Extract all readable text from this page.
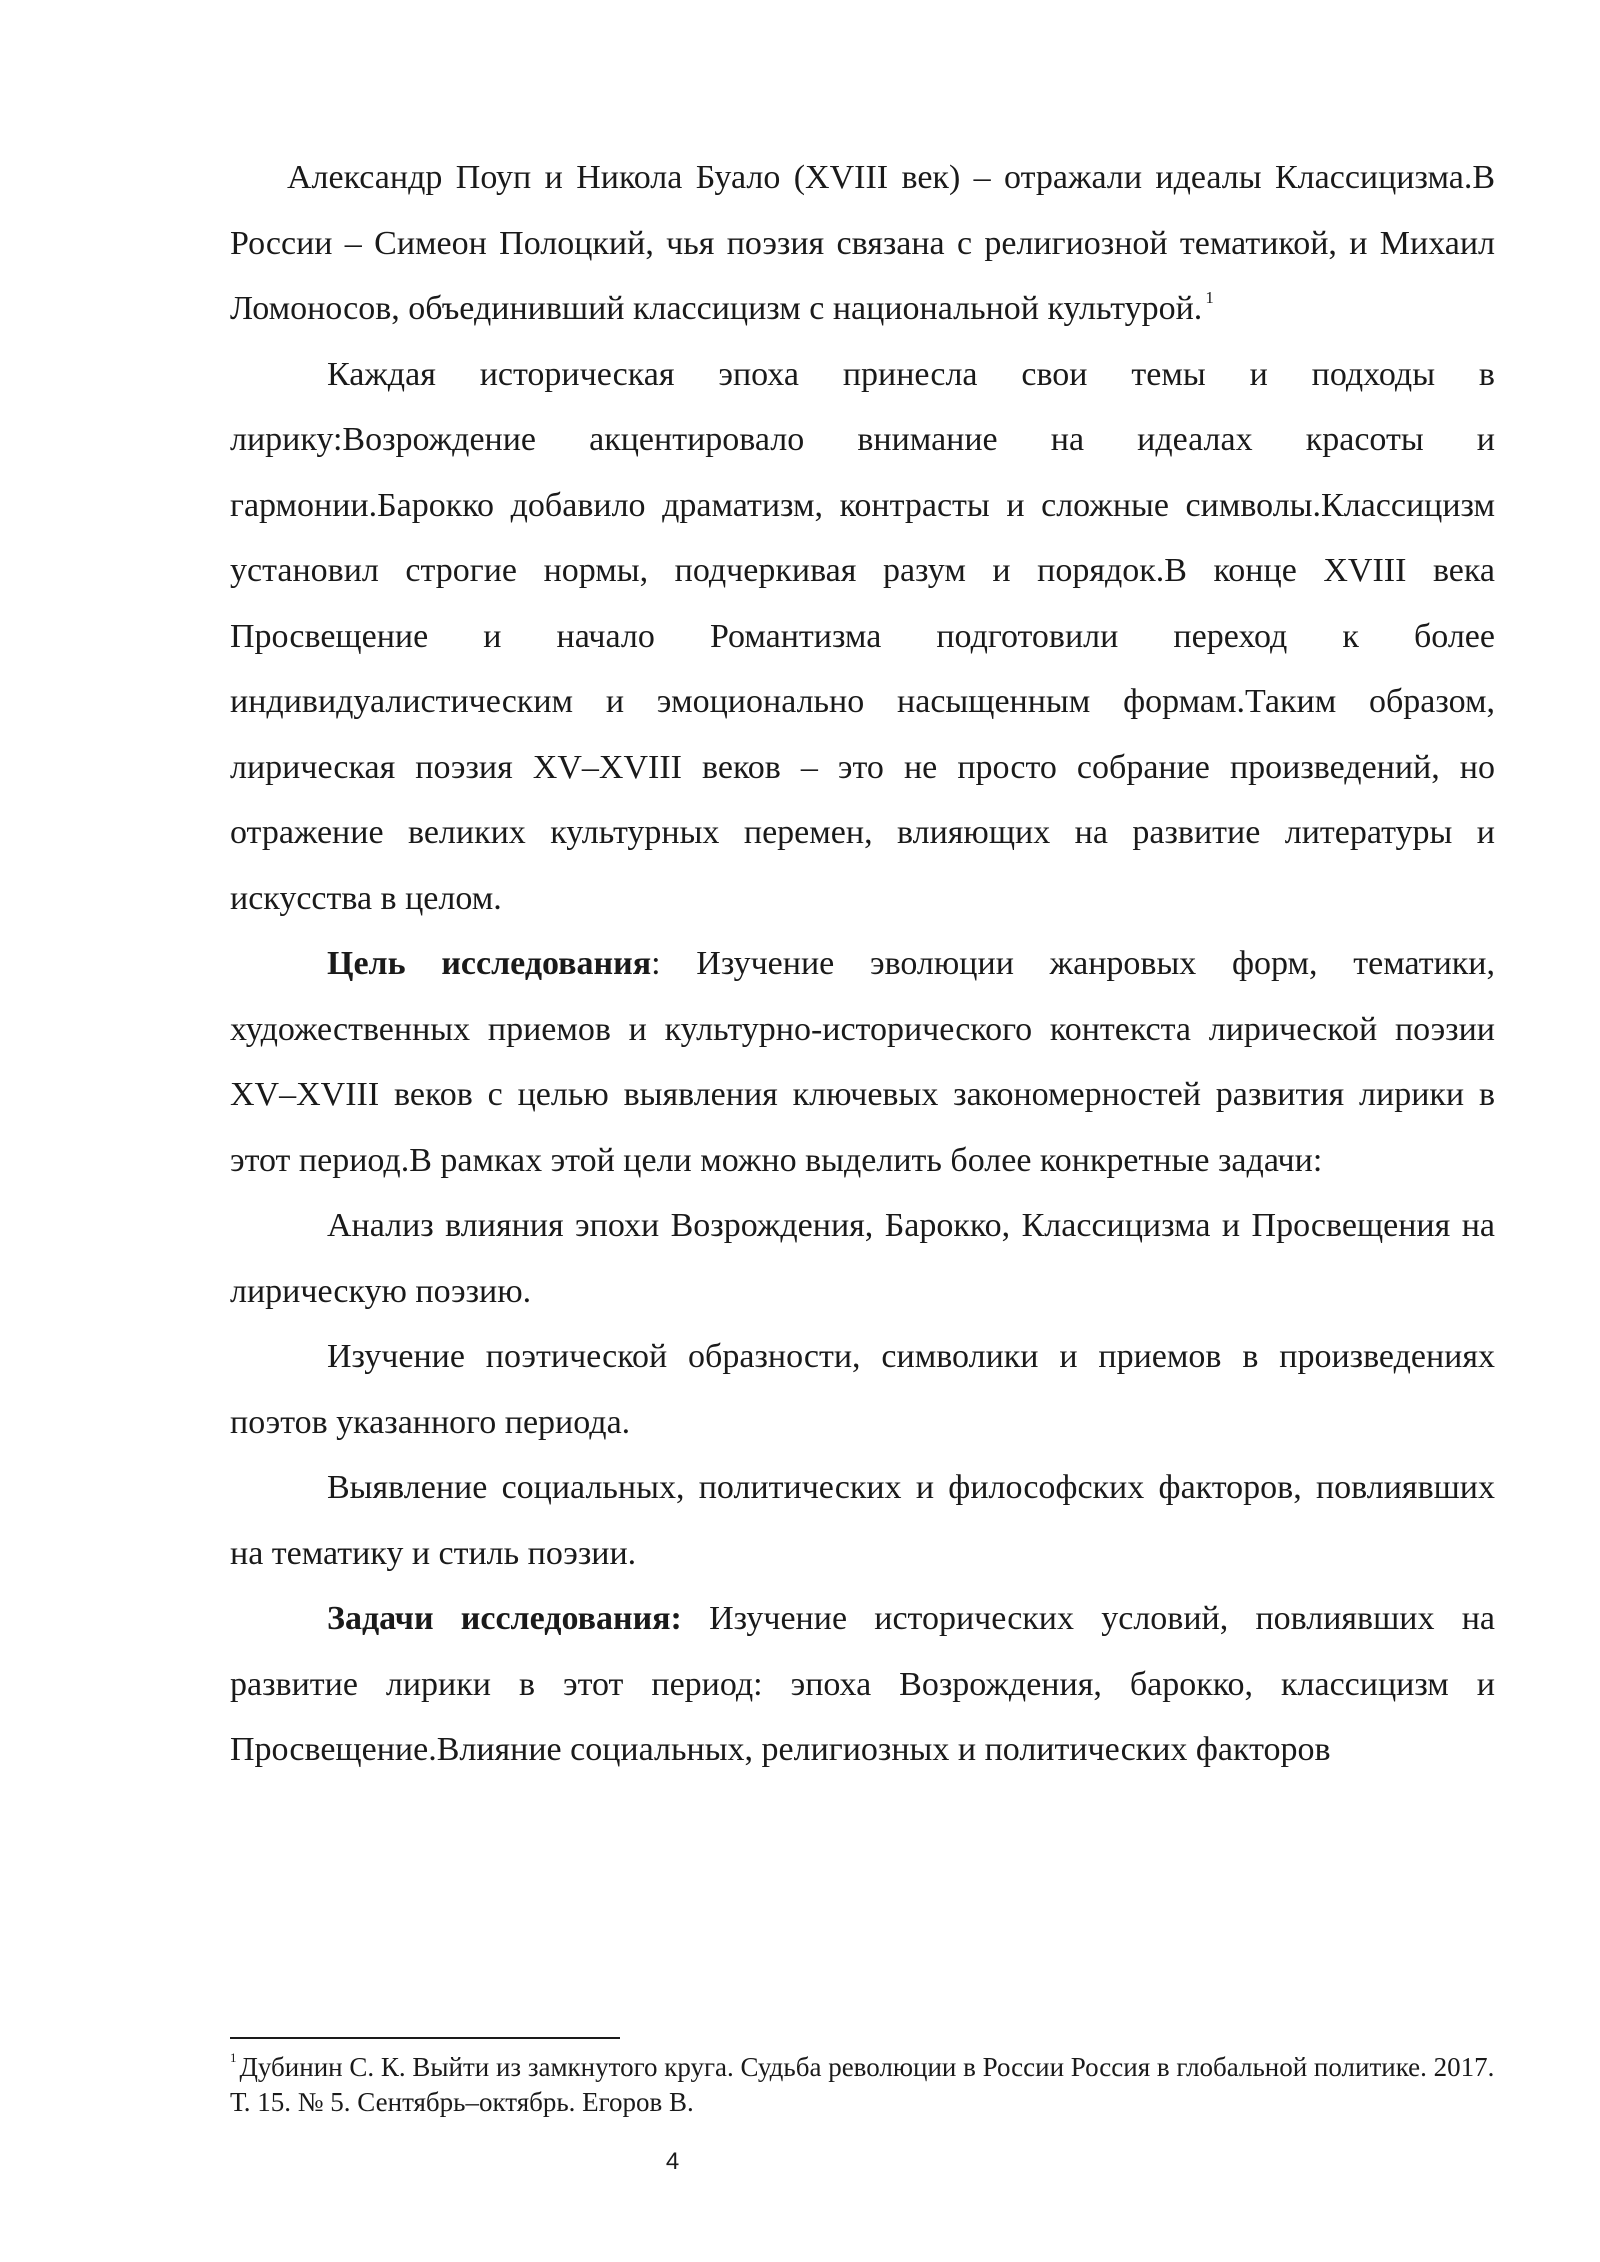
Александр Поуп и Никола Буало (XVIII век) – отражали идеалы Классицизма.В России – Симеон Полоцкий, чья поэзия связана с религиозной тематикой, и Михаил Ломоносов, объединивший классицизм с национальной культурой. $^1$

Каждая историческая эпоха принесла свои темы и подходы в лирику:Возрождение акцентировало внимание на идеалах красоты и гармонии.Барокко добавило драматизм, контрасты и сложные символы.Классицизм установил строгие нормы, подчеркивая разум и порядок.В конце XVIII века Просвещение и начало Романтизма подготовили переход к более индивидуалистическим и эмоционально насыщенным формам.Таким образом, лирическая поэзия XV–XVIII веков – это не просто собрание произведений, но отражение великих культурных перемен, влияющих на развитие литературы и искусства в целом.

Цель исследования: Изучение эволюции жанровых форм, тематики, художественных приемов и культурно-исторического контекста лирической поэзии XV–XVIII веков с целью выявления ключевых закономерностей развития лирики в этот период.В рамках этой цели можно выделить более конкретные задачи:

Анализ влияния эпохи Возрождения, Барокко, Классицизма и Просвещения на лирическую поэзию.

Изучение поэтической образности, символики и приемов в произведениях поэтов указанного периода.

Выявление социальных, политических и философских факторов, повлиявших на тематику и стиль поэзии.

Задачи исследования: Изучение исторических условий, повлиявших на развитие лирики в этот период: эпоха Возрождения, барокко, классицизм и Просвещение.Влияние социальных, религиозных и политических факторов

$^1$ Дубинин С. К. Выйти из замкнутого круга. Судьба революции в России Россия в глобальной политике. 2017. Т. 15. № 5. Сентябрь–октябрь. Егоров В.

4
